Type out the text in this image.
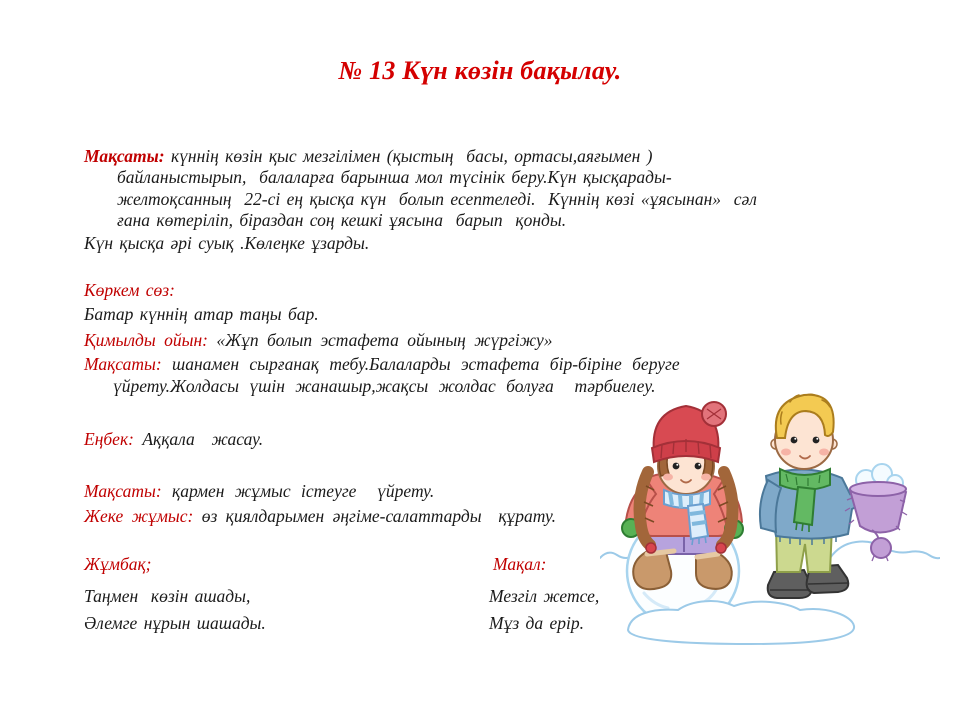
№ 13 Күн көзін бақылау.
Мақсаты: күннің көзін қыс мезгілімен (қыстың  басы, ортасы,аяғымен )
байланыстырып,  балаларға барынша мол түсінік беру.Күн қысқарады-
желтоқсанның  22-сі ең қысқа күн  болып есептеледі.  Күннің көзі «ұясынан»  сәл
ғана көтеріліп, біраздан соң кешкі ұясына  барып  қонды.
Күн қысқа әрі суық .Көлеңке ұзарды.
Көркем сөз:
Батар күннің атар таңы бар.
Қимылды ойын: «Жұп болып эстафета ойының жүргіжу»
Мақсаты: шанамен сырғанақ тебу.Балаларды эстафета бір-біріне беруге
үйрету.Жолдасы үшін жанашыр,жақсы жолдас болуға  тәрбиелеу.
Еңбек: Аққала  жасау.
Мақсаты: қармен жұмыс істеуге  үйрету.
Жеке жұмыс: өз қиялдарымен әңгіме-салаттарды  құрату.
Жұмбақ;
Таңмен  көзін ашады,
Әлемге нұрын шашады.
Мақал:
Мезгіл жетсе,
Мұз да ерір.
